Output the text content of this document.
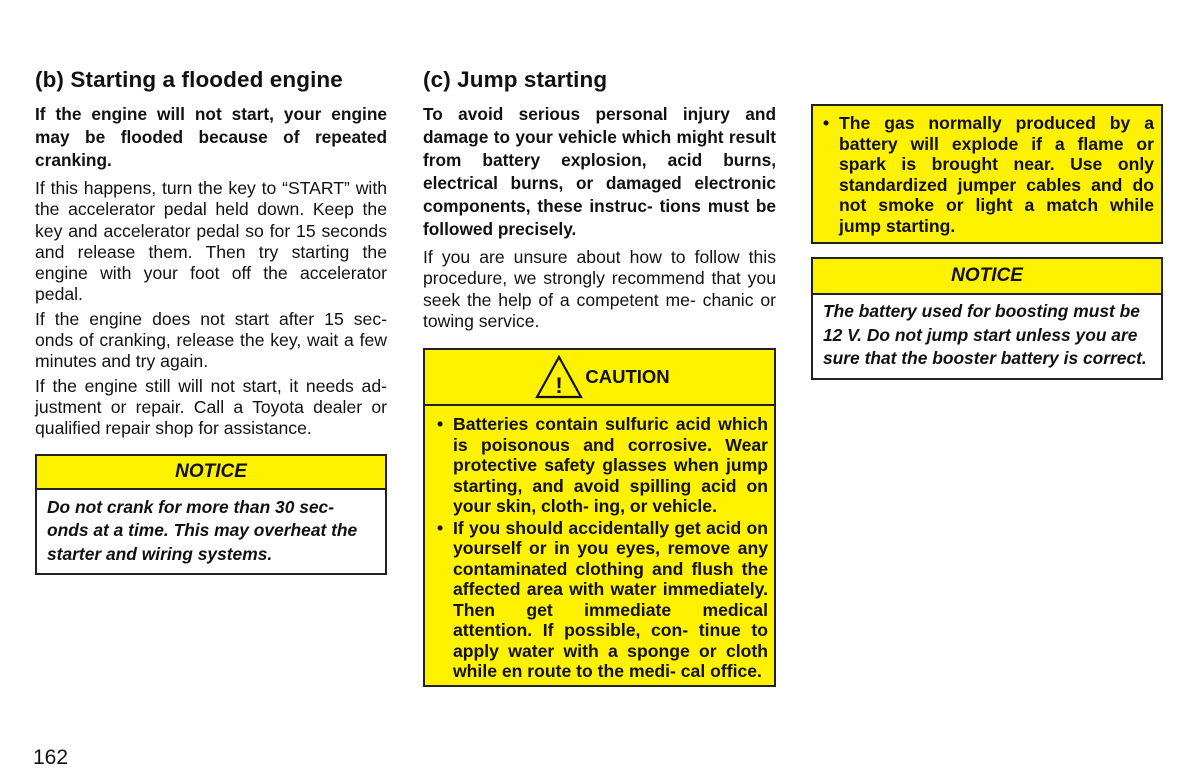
(b) Starting a flooded engine

If the engine will not start, your engine may be flooded because of repeated cranking.

If this happens, turn the key to “START” with the accelerator pedal held down. Keep the key and accelerator pedal so for 15 seconds and release them. Then try starting the engine with your foot off the accelerator pedal.

If the engine does not start after 15 sec- onds of cranking, release the key, wait a few minutes and try again.

If the engine still will not start, it needs ad- justment or repair. Call a Toyota dealer or qualified repair shop for assistance.

NOTICE
Do not crank for more than 30 sec- onds at a time. This may overheat the starter and wiring systems.
(c) Jump starting

To avoid serious personal injury and damage to your vehicle which might result from battery explosion, acid burns, electrical burns, or damaged electronic components, these instruc- tions must be followed precisely.

If you are unsure about how to follow this procedure, we strongly recommend that you seek the help of a competent me- chanic or towing service.

! CAUTION
• Batteries contain sulfuric acid which is poisonous and corrosive. Wear protective safety glasses when jump starting, and avoid spilling acid on your skin, cloth- ing, or vehicle.
• If you should accidentally get acid on yourself or in you eyes, remove any contaminated clothing and flush the affected area with water immediately. Then get immediate medical attention. If possible, con- tinue to apply water with a sponge or cloth while en route to the medi- cal office.
• The gas normally produced by a battery will explode if a flame or spark is brought near. Use only standardized jumper cables and do not smoke or light a match while jump starting.
NOTICE
The battery used for boosting must be 12 V. Do not jump start unless you are sure that the booster battery is correct.
162
